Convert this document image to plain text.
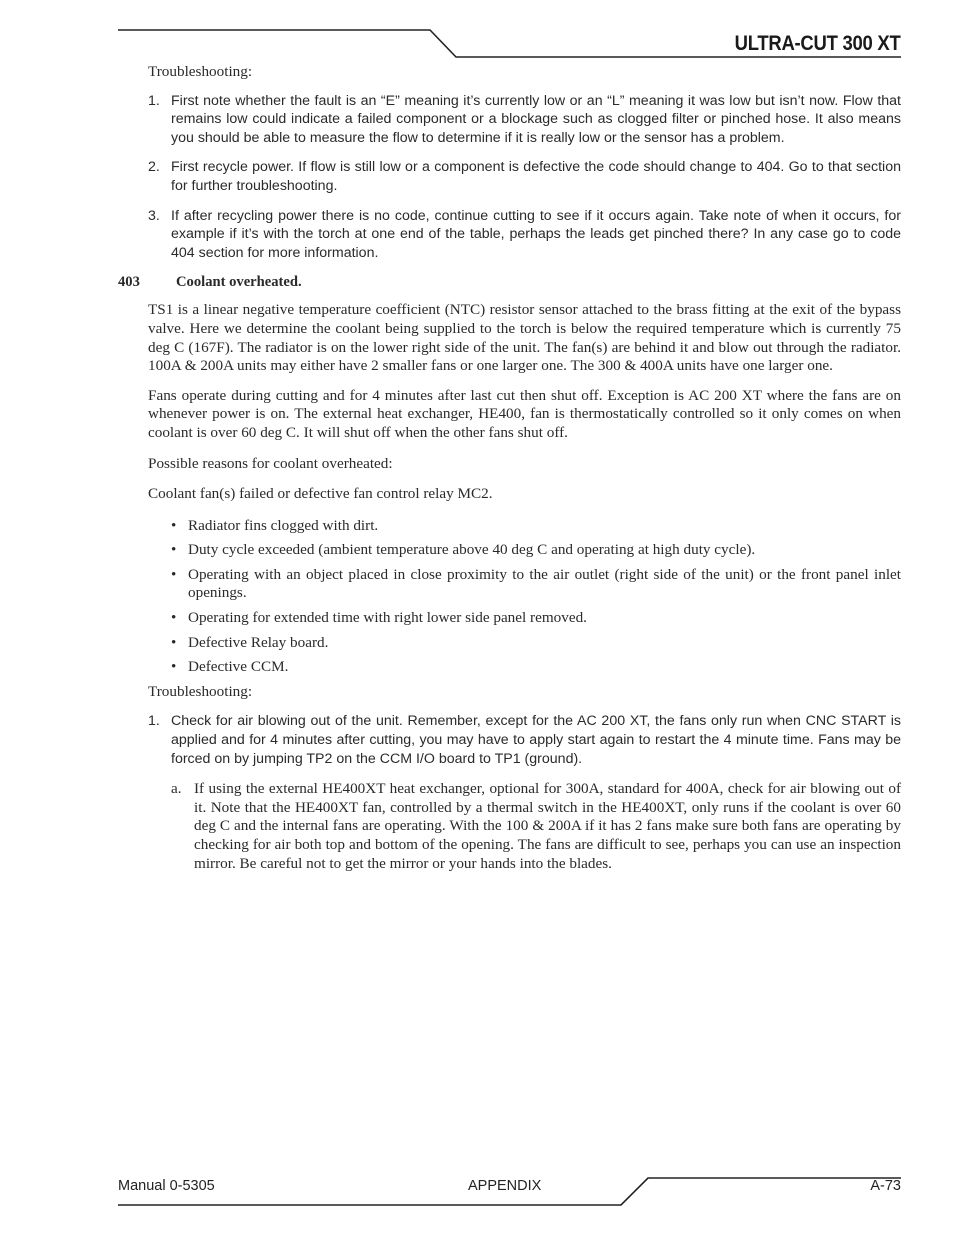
ULTRA-CUT 300 XT
Troubleshooting:
1. First note whether the fault is an “E” meaning it’s currently low or an “L” meaning it was low but isn’t now. Flow that remains low could indicate a failed component or a blockage such as clogged filter or pinched hose. It also means you should be able to measure the flow to determine if it is really low or the sensor has a problem.
2. First recycle power. If flow is still low or a component is defective the code should change to 404. Go to that section for further troubleshooting.
3. If after recycling power there is no code, continue cutting to see if it occurs again. Take note of when it occurs, for example if it’s with the torch at one end of the table, perhaps the leads get pinched there? In any case go to code 404 section for more information.
403 Coolant overheated.
TS1 is a linear negative temperature coefficient (NTC) resistor sensor attached to the brass fitting at the exit of the bypass valve. Here we determine the coolant being supplied to the torch is below the required temperature which is currently 75 deg C (167F). The radiator is on the lower right side of the unit. The fan(s) are behind it and blow out through the radiator. 100A & 200A units may either have 2 smaller fans or one larger one. The 300 & 400A units have one larger one.
Fans operate during cutting and for 4 minutes after last cut then shut off. Exception is AC 200 XT where the fans are on whenever power is on. The external heat exchanger, HE400, fan is thermostatically controlled so it only comes on when coolant is over 60 deg C. It will shut off when the other fans shut off.
Possible reasons for coolant overheated:
Coolant fan(s) failed or defective fan control relay MC2.
• Radiator fins clogged with dirt.
• Duty cycle exceeded (ambient temperature above 40 deg C and operating at high duty cycle).
• Operating with an object placed in close proximity to the air outlet (right side of the unit) or the front panel inlet openings.
• Operating for extended time with right lower side panel removed.
• Defective Relay board.
• Defective CCM.
Troubleshooting:
1. Check for air blowing out of the unit. Remember, except for the AC 200 XT, the fans only run when CNC START is applied and for 4 minutes after cutting, you may have to apply start again to restart the 4 minute time. Fans may be forced on by jumping TP2 on the CCM I/O board to TP1 (ground).
a. If using the external HE400XT heat exchanger, optional for 300A, standard for 400A, check for air blowing out of it. Note that the HE400XT fan, controlled by a thermal switch in the HE400XT, only runs if the coolant is over 60 deg C and the internal fans are operating. With the 100 & 200A if it has 2 fans make sure both fans are operating by checking for air both top and bottom of the opening. The fans are difficult to see, perhaps you can use an inspection mirror. Be careful not to get the mirror or your hands into the blades.
Manual 0-5305	APPENDIX	A-73
